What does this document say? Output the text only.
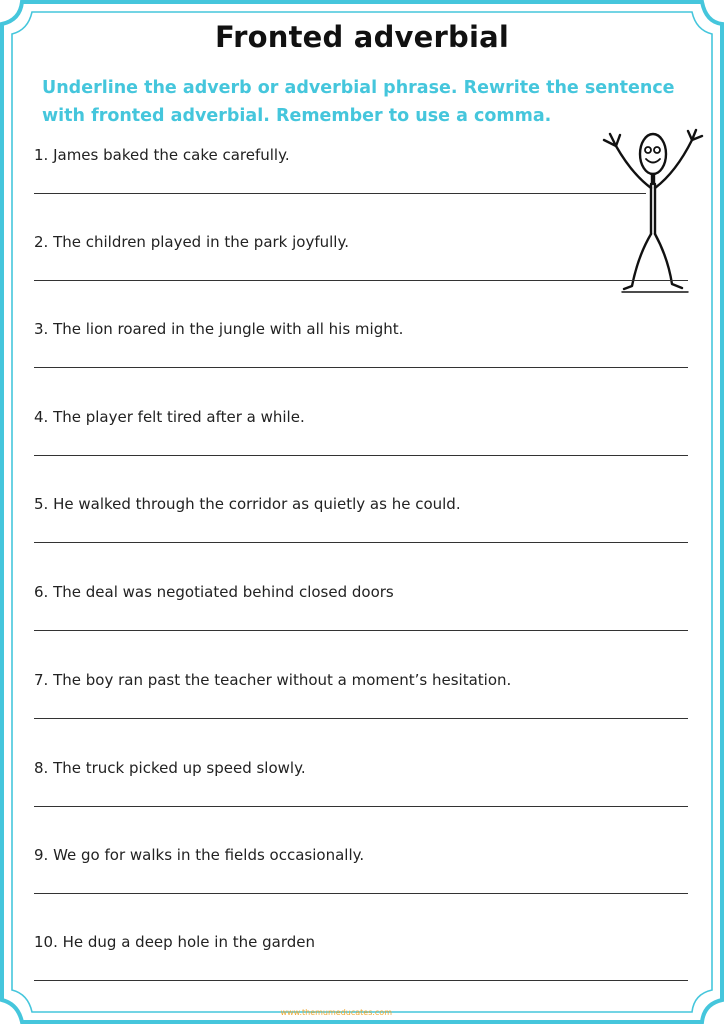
Fronted adverbial

Underline the adverb or adverbial phrase. Rewrite the sentence with fronted adverbial. Remember to use a comma.

1. James baked the cake carefully.
2. The children played in the park joyfully.
3. The lion roared in the jungle with all his might.
4. The player felt tired after a while.
5. He walked through the corridor as quietly as he could.
6. The deal was negotiated behind closed doors
7. The boy ran past the teacher without a moment’s hesitation.
8. The truck picked up speed slowly.
9. We go for walks in the fields occasionally.
10. He dug a deep hole in the garden
www.themumeducates.com
